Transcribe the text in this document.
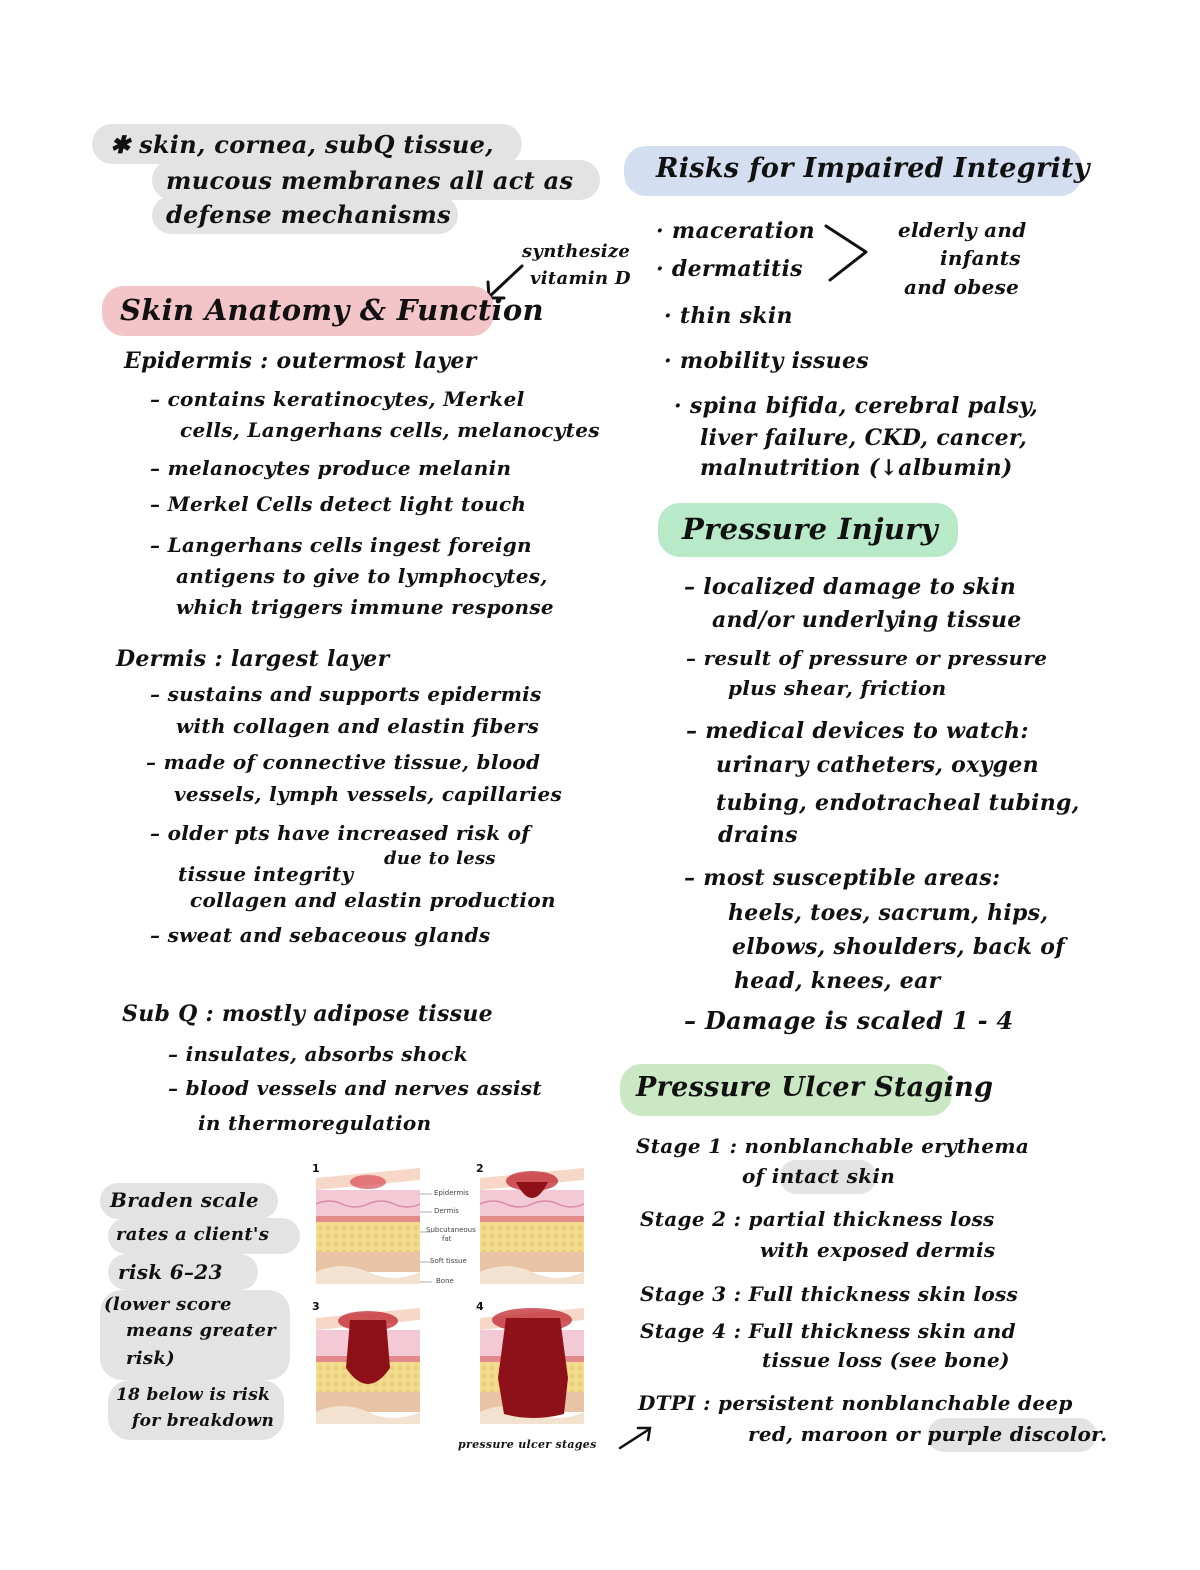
✱ skin, cornea, subQ tissue,
mucous membranes all act as
defense mechanisms
synthesize
vitamin D
Skin Anatomy & Function
Epidermis : outermost layer
– contains keratinocytes, Merkel
cells, Langerhans cells, melanocytes
– melanocytes produce melanin
– Merkel Cells detect light touch
– Langerhans cells ingest foreign
antigens to give to lymphocytes,
which triggers immune response
Dermis : largest layer
– sustains and supports epidermis
with collagen and elastin fibers
– made of connective tissue, blood
vessels, lymph vessels, capillaries
– older pts have increased risk of
tissue integrity
due to less
collagen and elastin production
– sweat and sebaceous glands
Sub Q : mostly adipose tissue
– insulates, absorbs shock
– blood vessels and nerves assist
in thermoregulation
Braden scale
rates a client's
risk 6–23
(lower score
means greater
risk)
18 below is risk
for breakdown
1	2
3	4
Epidermis
Dermis
Subcutaneous
fat
Soft tissue
Bone
pressure ulcer stages
Risks for Impaired Integrity
· maceration
· dermatitis
elderly and
infants
and obese
· thin skin
· mobility issues
· spina bifida, cerebral palsy,
liver failure, CKD, cancer,
malnutrition (↓albumin)
Pressure Injury
– localized damage to skin
and/or underlying tissue
– result of pressure or pressure
plus shear, friction
– medical devices to watch:
urinary catheters, oxygen
tubing, endotracheal tubing,
drains
– most susceptible areas:
heels, toes, sacrum, hips,
elbows, shoulders, back of
head, knees, ear
– Damage is scaled 1 - 4
Pressure Ulcer Staging
Stage 1 : nonblanchable erythema
of intact skin
Stage 2 : partial thickness loss
with exposed dermis
Stage 3 : Full thickness skin loss
Stage 4 : Full thickness skin and
tissue loss (see bone)
DTPI : persistent nonblanchable deep
red, maroon or purple discolor.
